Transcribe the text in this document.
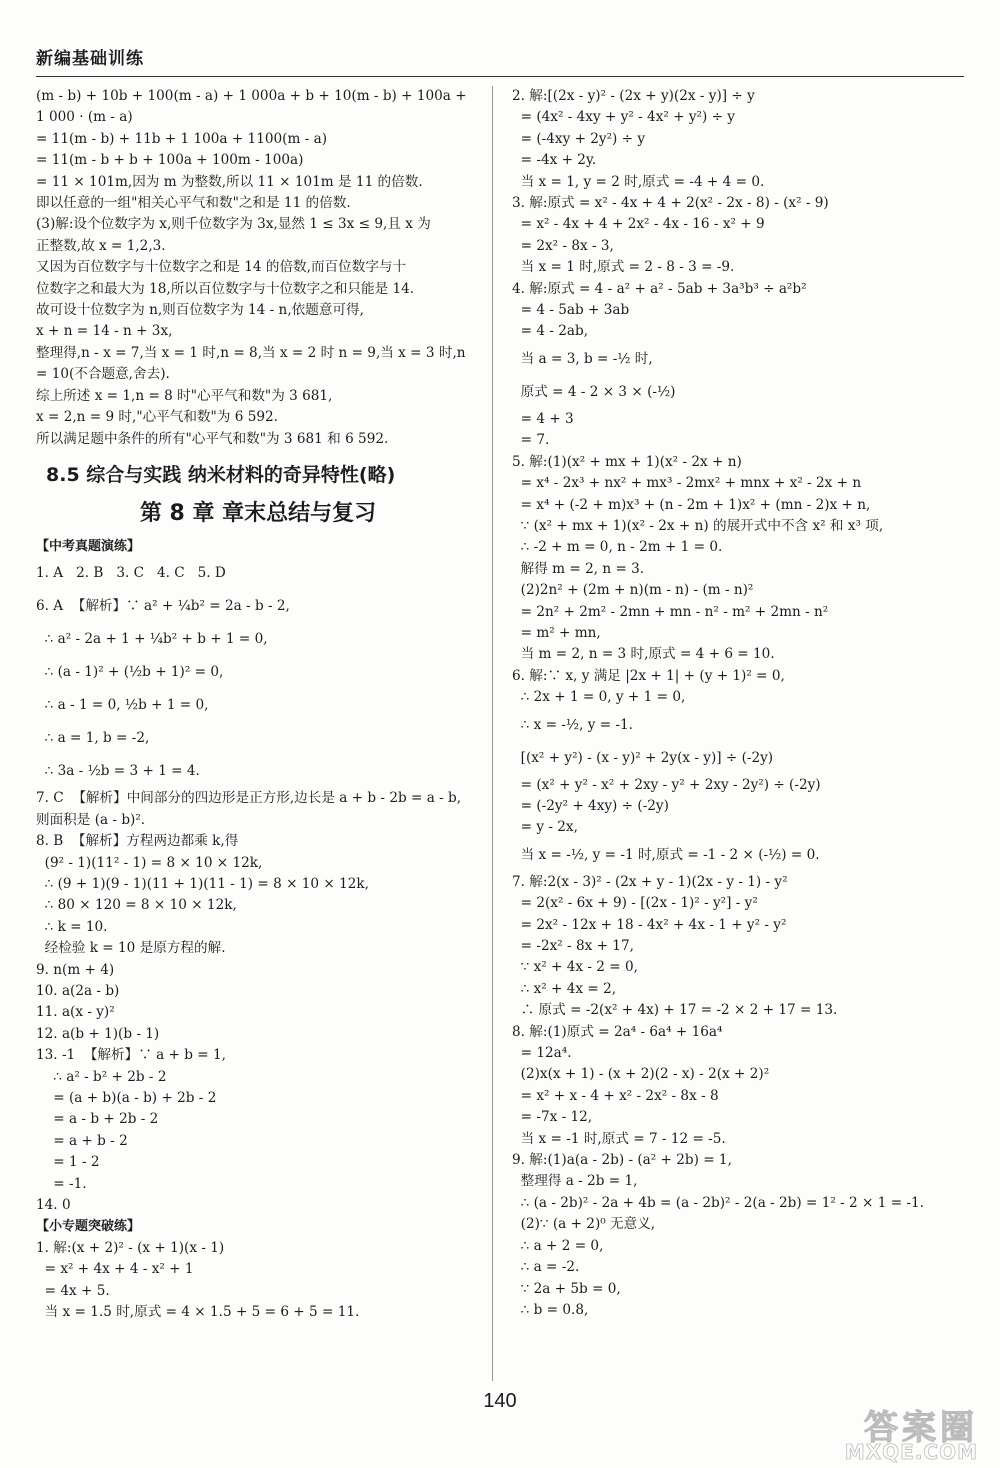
新编基础训练
(m - b) + 10b + 100(m - a) + 1 000a + b + 10(m - b) + 100a +
1 000 · (m - a)
= 11(m - b) + 11b + 1 100a + 1100(m - a)
= 11(m - b + b + 100a + 100m - 100a)
= 11 × 101m,因为 m 为整数,所以 11 × 101m 是 11 的倍数.
即以任意的一组"相关心平气和数"之和是 11 的倍数.
(3)解:设个位数字为 x,则千位数字为 3x,显然 1 ≤ 3x ≤ 9,且 x 为
正整数,故 x = 1,2,3.
又因为百位数字与十位数字之和是 14 的倍数,而百位数字与十
位数字之和最大为 18,所以百位数字与十位数字之和只能是 14.
故可设十位数字为 n,则百位数字为 14 - n,依题意可得,
x + n = 14 - n + 3x,
整理得,n - x = 7,当 x = 1 时,n = 8,当 x = 2 时 n = 9,当 x = 3 时,n
= 10(不合题意,舍去).
综上所述 x = 1,n = 8 时"心平气和数"为 3 681,
x = 2,n = 9 时,"心平气和数"为 6 592.
所以满足题中条件的所有"心平气和数"为 3 681 和 6 592.
8.5 综合与实践 纳米材料的奇异特性(略)
第 8 章 章末总结与复习
【中考真题演练】
1. A   2. B   3. C   4. C   5. D
6. A  【解析】∵ a² + ¼b² = 2a - b - 2,
∴ a² - 2a + 1 + ¼b² + b + 1 = 0,
∴ (a - 1)² + (½b + 1)² = 0,
∴ a - 1 = 0, ½b + 1 = 0,
∴ a = 1, b = -2,
∴ 3a - ½b = 3 + 1 = 4.
7. C  【解析】中间部分的四边形是正方形,边长是 a + b - 2b = a - b,
则面积是 (a - b)².
8. B  【解析】方程两边都乘 k,得
(9² - 1)(11² - 1) = 8 × 10 × 12k,
∴ (9 + 1)(9 - 1)(11 + 1)(11 - 1) = 8 × 10 × 12k,
∴ 80 × 120 = 8 × 10 × 12k,
∴ k = 10.
经检验 k = 10 是原方程的解.
9. n(m + 4)
10. a(2a - b)
11. a(x - y)²
12. a(b + 1)(b - 1)
13. -1  【解析】∵ a + b = 1,
∴ a² - b² + 2b - 2
= (a + b)(a - b) + 2b - 2
= a - b + 2b - 2
= a + b - 2
= 1 - 2
= -1.
14. 0
【小专题突破练】
1. 解:(x + 2)² - (x + 1)(x - 1)
= x² + 4x + 4 - x² + 1
= 4x + 5.
当 x = 1.5 时,原式 = 4 × 1.5 + 5 = 6 + 5 = 11.
2. 解:[(2x - y)² - (2x + y)(2x - y)] ÷ y
= (4x² - 4xy + y² - 4x² + y²) ÷ y
= (-4xy + 2y²) ÷ y
= -4x + 2y.
当 x = 1, y = 2 时,原式 = -4 + 4 = 0.
3. 解:原式 = x² - 4x + 4 + 2(x² - 2x - 8) - (x² - 9)
= x² - 4x + 4 + 2x² - 4x - 16 - x² + 9
= 2x² - 8x - 3,
当 x = 1 时,原式 = 2 - 8 - 3 = -9.
4. 解:原式 = 4 - a² + a² - 5ab + 3a³b³ ÷ a²b²
= 4 - 5ab + 3ab
= 4 - 2ab,
当 a = 3, b = -½ 时,
原式 = 4 - 2 × 3 × (-½)
= 4 + 3
= 7.
5. 解:(1)(x² + mx + 1)(x² - 2x + n)
= x⁴ - 2x³ + nx² + mx³ - 2mx² + mnx + x² - 2x + n
= x⁴ + (-2 + m)x³ + (n - 2m + 1)x² + (mn - 2)x + n,
∵ (x² + mx + 1)(x² - 2x + n) 的展开式中不含 x² 和 x³ 项,
∴ -2 + m = 0, n - 2m + 1 = 0.
解得 m = 2, n = 3.
(2)2n² + (2m + n)(m - n) - (m - n)²
= 2n² + 2m² - 2mn + mn - n² - m² + 2mn - n²
= m² + mn,
当 m = 2, n = 3 时,原式 = 4 + 6 = 10.
6. 解:∵ x, y 满足 |2x + 1| + (y + 1)² = 0,
∴ 2x + 1 = 0, y + 1 = 0,
∴ x = -½, y = -1.
[(x² + y²) - (x - y)² + 2y(x - y)] ÷ (-2y)
= (x² + y² - x² + 2xy - y² + 2xy - 2y²) ÷ (-2y)
= (-2y² + 4xy) ÷ (-2y)
= y - 2x,
当 x = -½, y = -1 时,原式 = -1 - 2 × (-½) = 0.
7. 解:2(x - 3)² - (2x + y - 1)(2x - y - 1) - y²
= 2(x² - 6x + 9) - [(2x - 1)² - y²] - y²
= 2x² - 12x + 18 - 4x² + 4x - 1 + y² - y²
= -2x² - 8x + 17,
∵ x² + 4x - 2 = 0,
∴ x² + 4x = 2,
∴ 原式 = -2(x² + 4x) + 17 = -2 × 2 + 17 = 13.
8. 解:(1)原式 = 2a⁴ - 6a⁴ + 16a⁴
= 12a⁴.
(2)x(x + 1) - (x + 2)(2 - x) - 2(x + 2)²
= x² + x - 4 + x² - 2x² - 8x - 8
= -7x - 12,
当 x = -1 时,原式 = 7 - 12 = -5.
9. 解:(1)a(a - 2b) - (a² + 2b) = 1,
整理得 a - 2b = 1,
∴ (a - 2b)² - 2a + 4b = (a - 2b)² - 2(a - 2b) = 1² - 2 × 1 = -1.
(2)∵ (a + 2)⁰ 无意义,
∴ a + 2 = 0,
∴ a = -2.
∵ 2a + 5b = 0,
∴ b = 0.8,
140
答案圈
MXQE.COM
